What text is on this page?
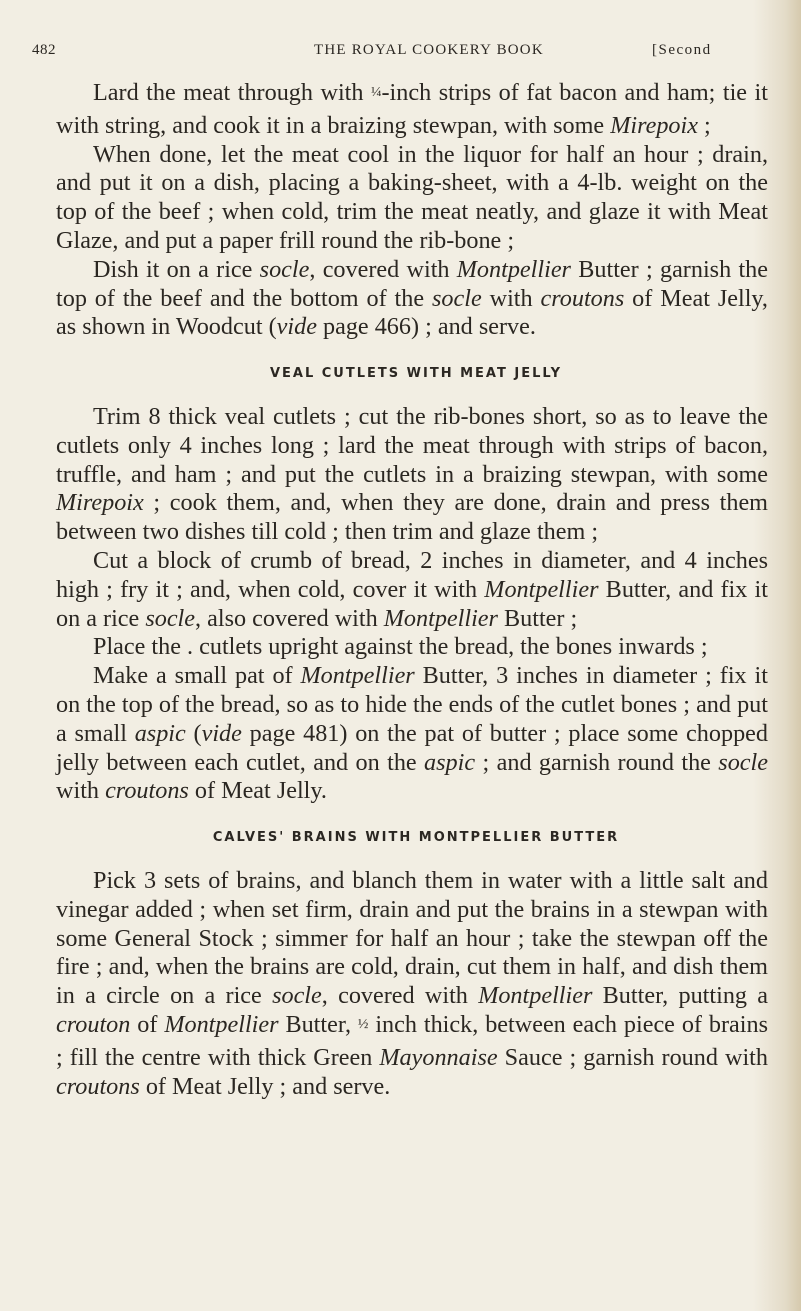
482	THE ROYAL COOKERY BOOK	[Second

Lard the meat through with ¼-inch strips of fat bacon and ham; tie it with string, and cook it in a braizing stewpan, with some Mirepoix ;

When done, let the meat cool in the liquor for half an hour ; drain, and put it on a dish, placing a baking-sheet, with a 4-lb. weight on the top of the beef ; when cold, trim the meat neatly, and glaze it with Meat Glaze, and put a paper frill round the rib-bone ;

Dish it on a rice socle, covered with Montpellier Butter ; garnish the top of the beef and the bottom of the socle with croutons of Meat Jelly, as shown in Woodcut (vide page 466) ; and serve.

VEAL CUTLETS WITH MEAT JELLY

Trim 8 thick veal cutlets ; cut the rib-bones short, so as to leave the cutlets only 4 inches long ; lard the meat through with strips of bacon, truffle, and ham ; and put the cutlets in a braizing stewpan, with some Mirepoix ; cook them, and, when they are done, drain and press them between two dishes till cold ; then trim and glaze them ;

Cut a block of crumb of bread, 2 inches in diameter, and 4 inches high ; fry it ; and, when cold, cover it with Montpellier Butter, and fix it on a rice socle, also covered with Montpellier Butter ;

Place the . cutlets upright against the bread, the bones inwards ;

Make a small pat of Montpellier Butter, 3 inches in diameter ; fix it on the top of the bread, so as to hide the ends of the cutlet bones ; and put a small aspic (vide page 481) on the pat of butter ; place some chopped jelly between each cutlet, and on the aspic ; and garnish round the socle with croutons of Meat Jelly.

CALVES' BRAINS WITH MONTPELLIER BUTTER

Pick 3 sets of brains, and blanch them in water with a little salt and vinegar added ; when set firm, drain and put the brains in a stewpan with some General Stock ; simmer for half an hour ; take the stewpan off the fire ; and, when the brains are cold, drain, cut them in half, and dish them in a circle on a rice socle, covered with Montpellier Butter, putting a crouton of Montpellier Butter, ½ inch thick, between each piece of brains ; fill the centre with thick Green Mayonnaise Sauce ; garnish round with croutons of Meat Jelly ; and serve.
